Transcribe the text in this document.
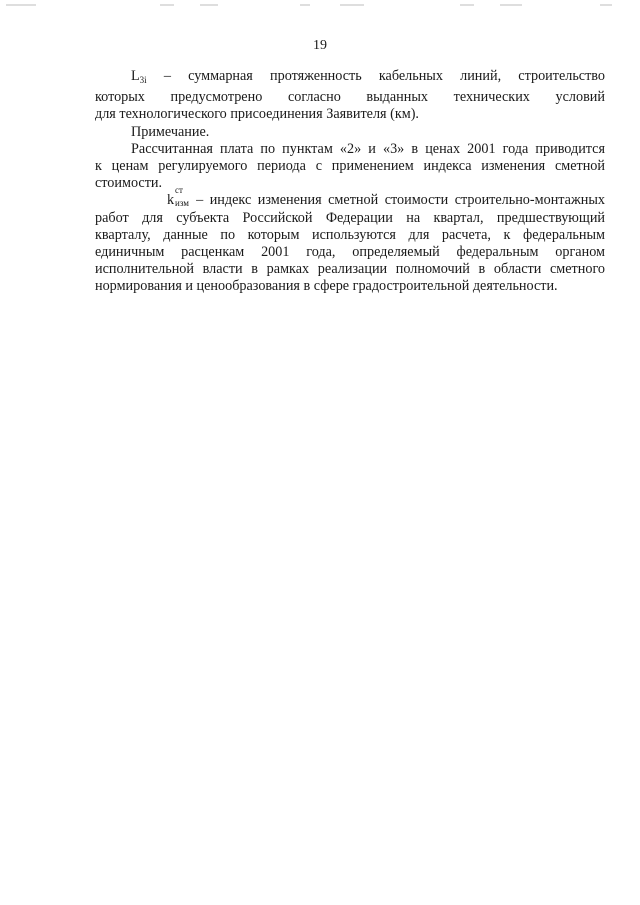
19

$L_{3i}$ – суммарная протяженность кабельных линий, строительство
которых предусмотрено согласно выданных технических условий
для технологического присоединения Заявителя (км).

Примечание.

Рассчитанная плата по пунктам «2» и «3» в ценах 2001 года приводится
к ценам регулируемого периода с применением индекса изменения сметной
стоимости.

k
ст
изм – индекс изменения сметной стоимости строительно-монтажных
работ для субъекта Российской Федерации на квартал, предшествующий
кварталу, данные по которым используются для расчета, к федеральным
единичным расценкам 2001 года, определяемый федеральным органом
исполнительной власти в рамках реализации полномочий в области сметного
нормирования и ценообразования в сфере градостроительной деятельности.
